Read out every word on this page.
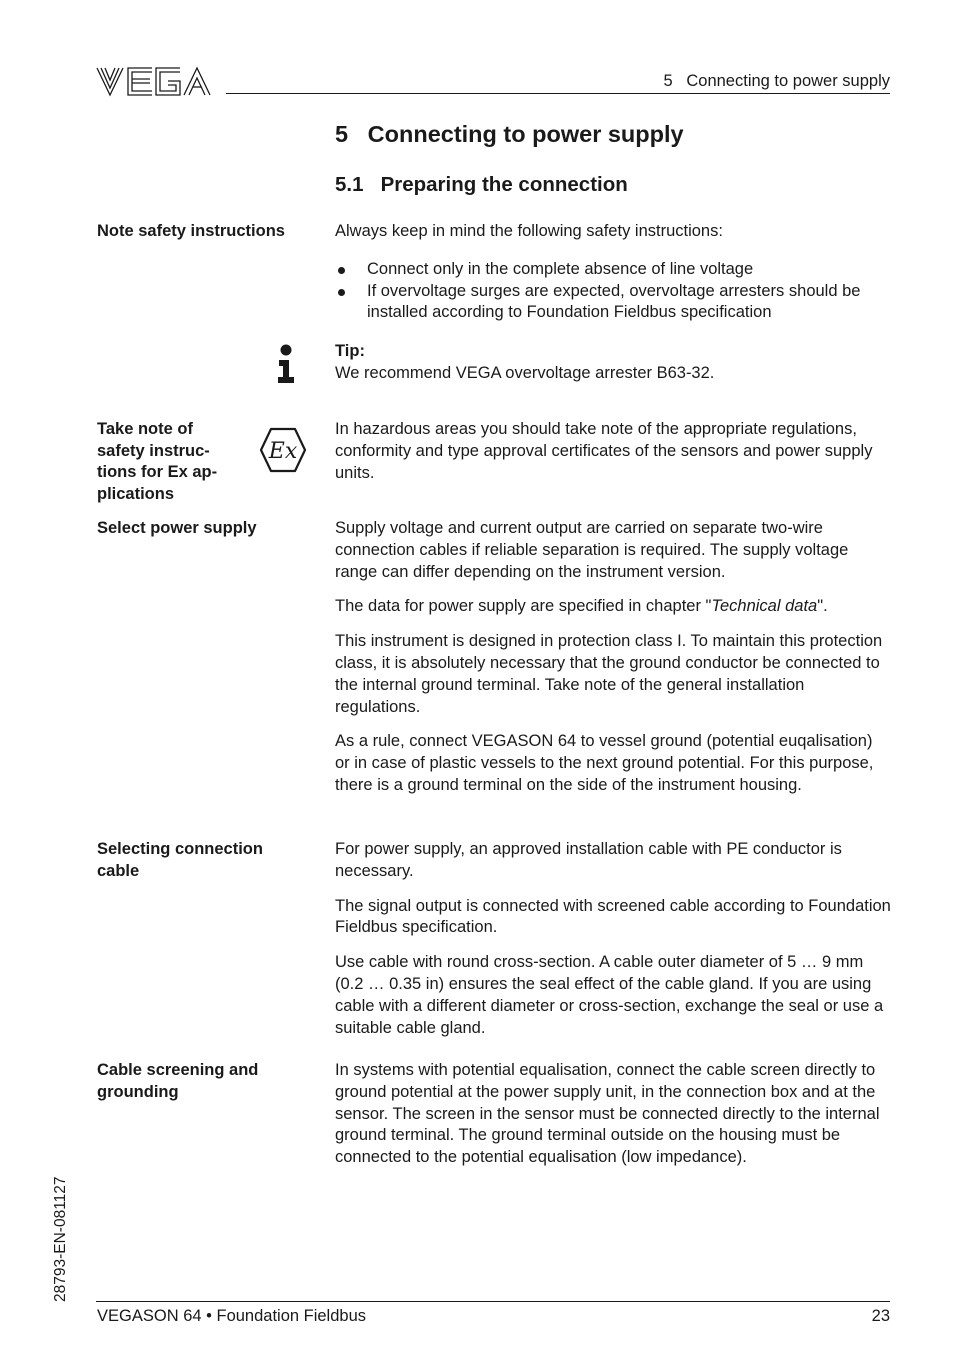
5   Connecting to power supply
5   Connecting to power supply
5.1   Preparing the connection
Note safety instructions	Always keep in mind the following safety instructions:

Connect only in the complete absence of line voltage
If overvoltage surges are expected, overvoltage arresters should be installed according to Foundation Fieldbus specification
Tip:
We recommend VEGA overvoltage arrester B63-32.
Take note of
safety instruc-
tions for Ex ap-
plications
Ex

In hazardous areas you should take note of the appropriate regulations, conformity and type approval certificates of the sensors and power supply units.

Select power supply	Supply voltage and current output are carried on separate two-wire connection cables if reliable separation is required. The supply voltage range can differ depending on the instrument version.

The data for power supply are specified in chapter "Technical data".

This instrument is designed in protection class I. To maintain this protection class, it is absolutely necessary that the ground conductor be connected to the internal ground terminal. Take note of the general installation regulations.

As a rule, connect VEGASON 64 to vessel ground (potential euqalisation) or in case of plastic vessels to the next ground potential. For this purpose, there is a ground terminal on the side of the instrument housing.

Selecting connection
cable

For power supply, an approved installation cable with PE conductor is necessary.

The signal output is connected with screened cable according to Foundation Fieldbus specification.

Use cable with round cross-section. A cable outer diameter of 5 … 9 mm (0.2 … 0.35 in) ensures the seal effect of the cable gland. If you are using cable with a different diameter or cross-section, exchange the seal or use a suitable cable gland.

Cable screening and
grounding

In systems with potential equalisation, connect the cable screen directly to ground potential at the power supply unit, in the connection box and at the sensor. The screen in the sensor must be connected directly to the internal ground terminal. The ground terminal outside on the housing must be connected to the potential equalisation (low impedance).

28793-EN-081127
VEGASON 64 • Foundation Fieldbus	23
